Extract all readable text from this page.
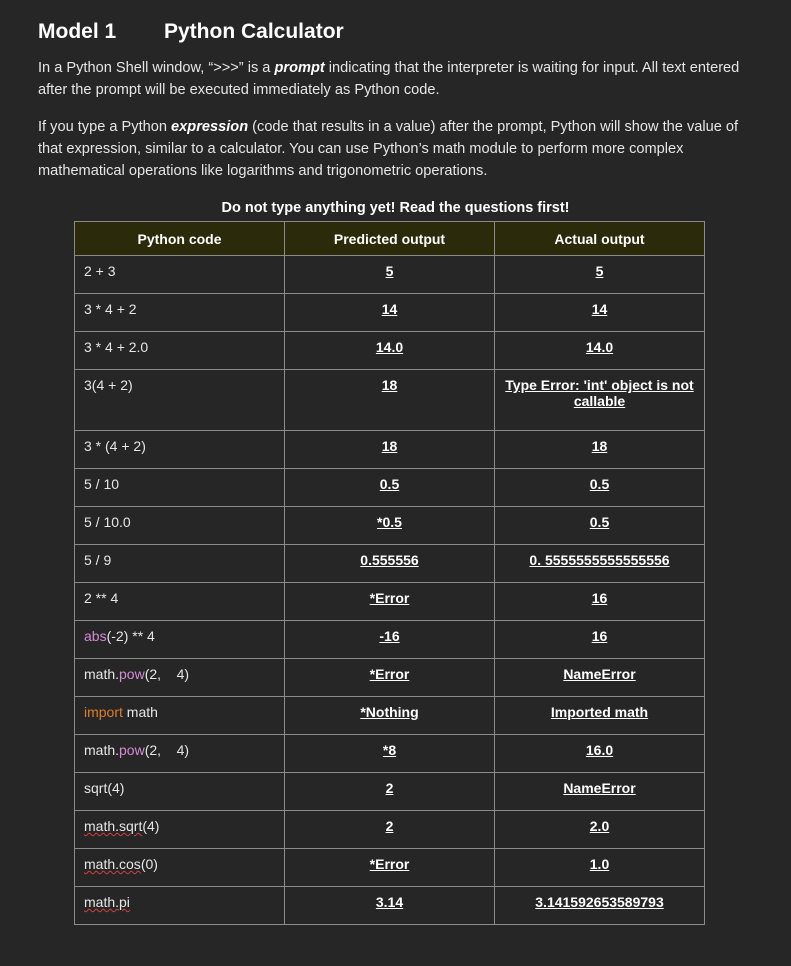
Model 1 Python Calculator
In a Python Shell window, “>>>” is a prompt indicating that the interpreter is waiting for input. All text entered after the prompt will be executed immediately as Python code.
If you type a Python expression (code that results in a value) after the prompt, Python will show the value of that expression, similar to a calculator. You can use Python’s math module to perform more complex mathematical operations like logarithms and trigonometric operations.
Do not type anything yet! Read the questions first!
Python code	Predicted output	Actual output
2 + 3	5	5
3 * 4 + 2	14	14
3 * 4 + 2.0	14.0	14.0
3(4 + 2)	18	Type Error: 'int' object is not callable
3 * (4 + 2)	18	18
5 / 10	0.5	0.5
5 / 10.0	*0.5	0.5
5 / 9	0.555556	0. 5555555555555556
2 ** 4	*Error	16
abs(-2) ** 4	-16	16
math.pow(2,    4)	*Error	NameError
import math	*Nothing	Imported math
math.pow(2,    4)	*8	16.0
sqrt(4)	2	NameError
math.sqrt(4)	2	2.0
math.cos(0)	*Error	1.0
math.pi	3.14	3.141592653589793
